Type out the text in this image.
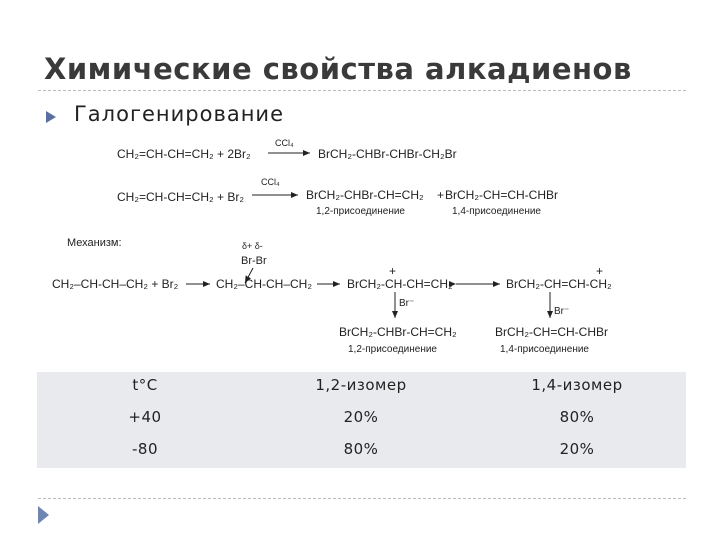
Химические свойства алкадиенов
Галогенирование
CH₂=CH-CH=CH₂ + 2Br₂
CCl₄
BrCH₂-CHBr-CHBr-CH₂Br
CH₂=CH-CH=CH₂ + Br₂
CCl₄
BrCH₂-CHBr-CH=CH₂ + BrCH₂-CH=CH-CHBr
1,2-присоединение	1,4-присоединение
Механизм:	δ+ δ-
Br-Br
CH₂–CH-CH–CH₂ + Br₂	CH₂–CH-CH–CH₂	BrCH₂-CH-CH=CH₂
+
BrCH₂-CH=CH-CH₂
+
Br⁻
Br⁻
BrCH₂-CHBr-CH=CH₂	BrCH₂-CH=CH-CHBr
1,2-присоединение	1,4-присоединение
t°C	1,2-изомер	1,4-изомер
+40	20%	80%
-80	80%	20%
